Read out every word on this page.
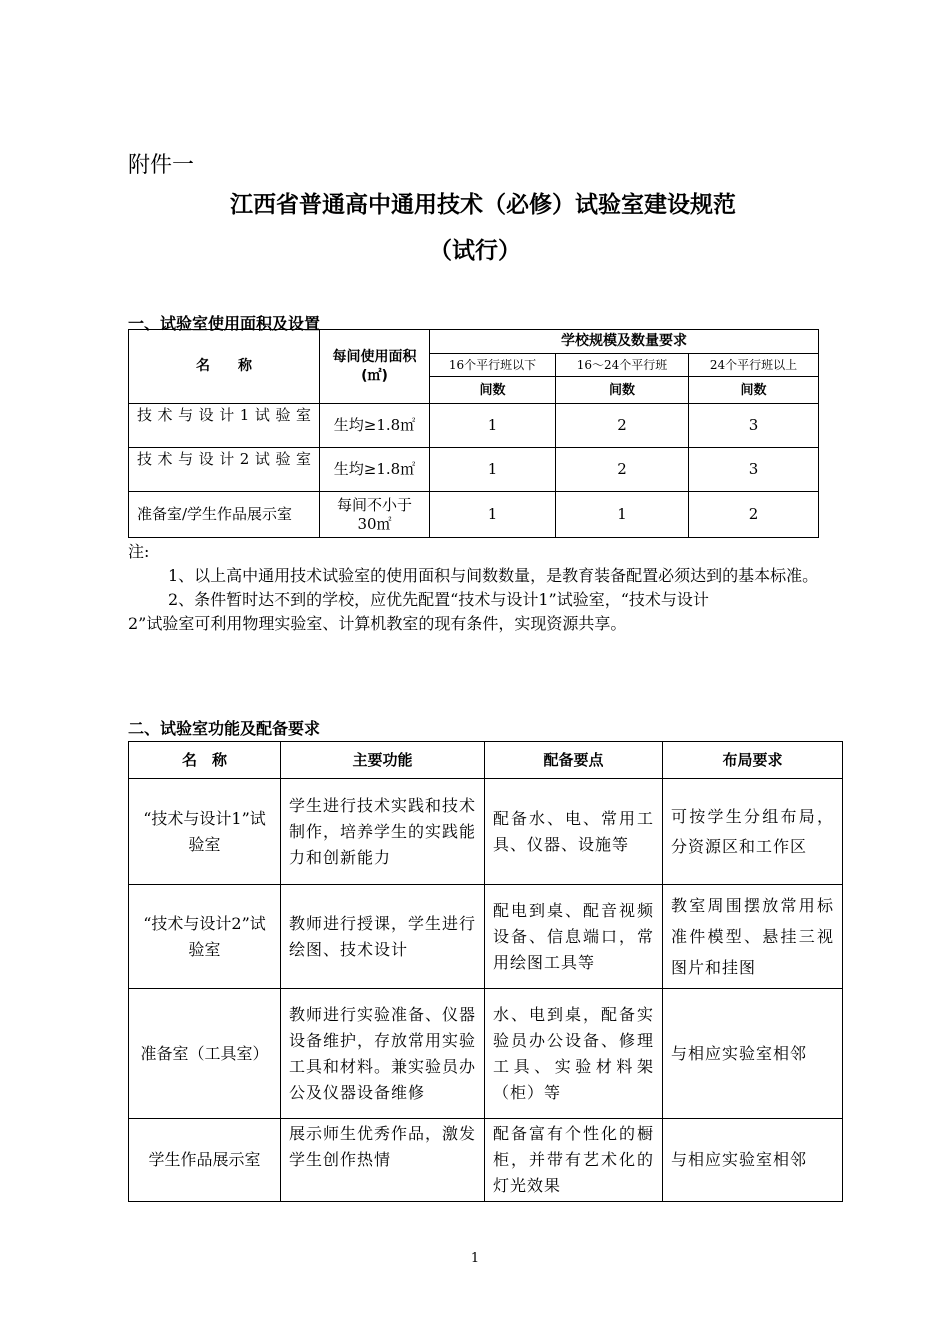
附件一
江西省普通高中通用技术（必修）试验室建设规范
（试行）
一、试验室使用面积及设置
名　　称	每间使用面积(㎡)	学校规模及数量要求		
		16个平行班以下	16～24个平行班	24个平行班以上
		间数	间数	间数
技术与设计1试验室	生均≥1.8㎡	1	2	3
技术与设计2试验室	生均≥1.8㎡	1	2	3
准备室/学生作品展示室	每间不小于30㎡	1	1	2

注:

1、以上高中通用技术试验室的使用面积与间数数量，是教育装备配置必须达到的基本标准。

2、条件暂时达不到的学校，应优先配置“技术与设计1”试验室，“技术与设计

2”试验室可利用物理实验室、计算机教室的现有条件，实现资源共享。

二、试验室功能及配备要求
名　称	主要功能	配备要点	布局要求
“技术与设计1”试验室	学生进行技术实践和技术制作，培养学生的实践能力和创新能力	配备水、电、常用工具、仪器、设施等	可按学生分组布局，分资源区和工作区
“技术与设计2”试验室	教师进行授课，学生进行绘图、技术设计	配电到桌、配音视频设备、信息端口，常用绘图工具等	教室周围摆放常用标准件模型、悬挂三视图片和挂图
准备室（工具室）	教师进行实验准备、仪器设备维护，存放常用实验工具和材料。兼实验员办公及仪器设备维修	水、电到桌，配备实验员办公设备、修理工具、实验材料架（柜）等	与相应实验室相邻
学生作品展示室	展示师生优秀作品，激发学生创作热情	配备富有个性化的橱柜，并带有艺术化的灯光效果	与相应实验室相邻
1
